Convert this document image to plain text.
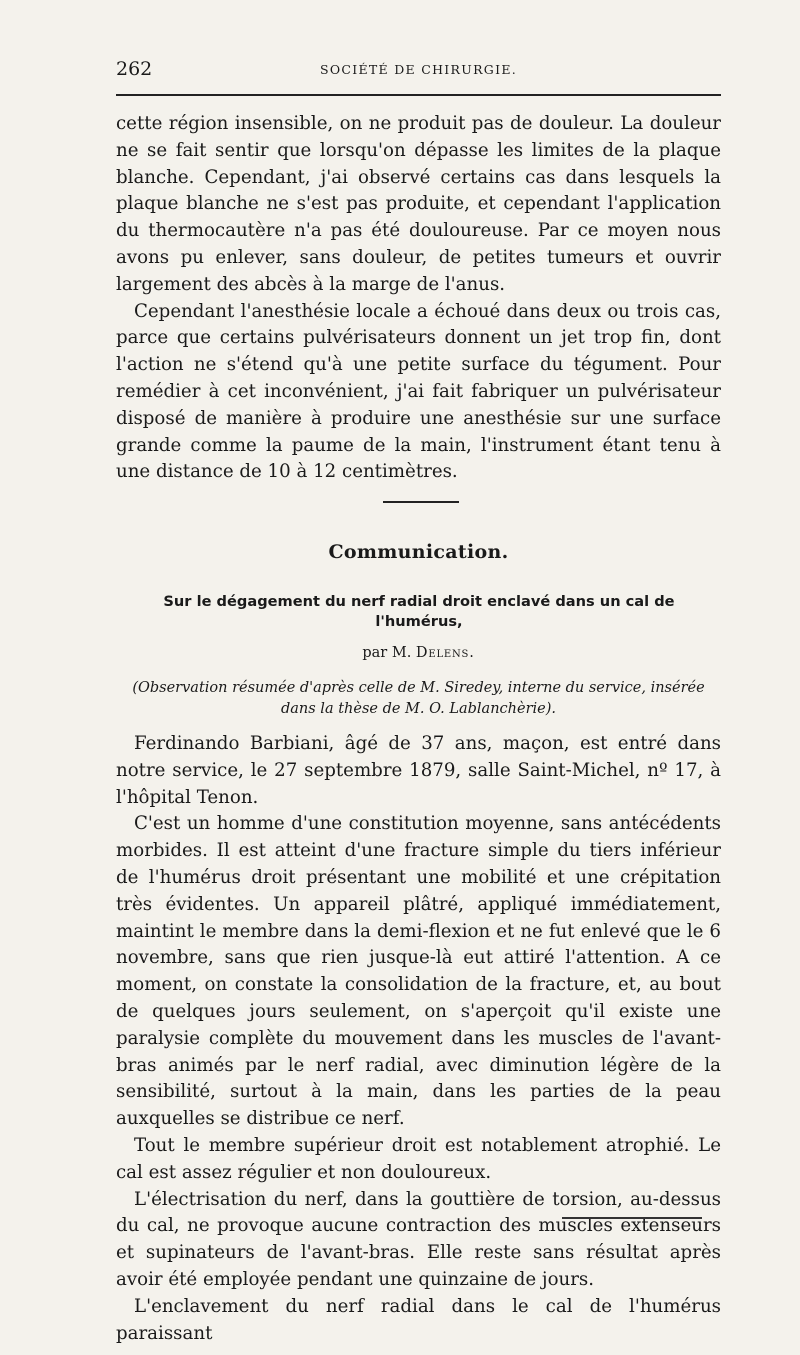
262	SOCIÉTÉ DE CHIRURGIE.

cette région insensible, on ne produit pas de douleur. La douleur ne se fait sentir que lorsqu'on dépasse les limites de la plaque blanche. Cependant, j'ai observé certains cas dans lesquels la plaque blanche ne s'est pas produite, et cependant l'application du thermocautère n'a pas été douloureuse. Par ce moyen nous avons pu enlever, sans douleur, de petites tumeurs et ouvrir largement des abcès à la marge de l'anus.

Cependant l'anesthésie locale a échoué dans deux ou trois cas, parce que certains pulvérisateurs donnent un jet trop fin, dont l'action ne s'étend qu'à une petite surface du tégument. Pour remédier à cet inconvénient, j'ai fait fabriquer un pulvérisateur disposé de manière à produire une anesthésie sur une surface grande comme la paume de la main, l'instrument étant tenu à une distance de 10 à 12 centimètres.

Communication.
Sur le dégagement du nerf radial droit enclavé dans un cal de
l'humérus,
par M. Delens.
(Observation résumée d'après celle de M. Siredey, interne du service, insérée
dans la thèse de M. O. Lablanchèrie).

Ferdinando Barbiani, âgé de 37 ans, maçon, est entré dans notre service, le 27 septembre 1879, salle Saint-Michel, nº 17, à l'hôpital Tenon.

C'est un homme d'une constitution moyenne, sans antécédents morbides. Il est atteint d'une fracture simple du tiers inférieur de l'humérus droit présentant une mobilité et une crépitation très évidentes. Un appareil plâtré, appliqué immédiatement, maintint le membre dans la demi-flexion et ne fut enlevé que le 6 novembre, sans que rien jusque-là eut attiré l'attention. A ce moment, on constate la consolidation de la fracture, et, au bout de quelques jours seulement, on s'aperçoit qu'il existe une paralysie complète du mouvement dans les muscles de l'avant-bras animés par le nerf radial, avec diminution légère de la sensibilité, surtout à la main, dans les parties de la peau auxquelles se distribue ce nerf.

Tout le membre supérieur droit est notablement atrophié. Le cal est assez régulier et non douloureux.

L'électrisation du nerf, dans la gouttière de torsion, au-dessus du cal, ne provoque aucune contraction des muscles extenseurs et supinateurs de l'avant-bras. Elle reste sans résultat après avoir été employée pendant une quinzaine de jours.

L'enclavement du nerf radial dans le cal de l'humérus paraissant
